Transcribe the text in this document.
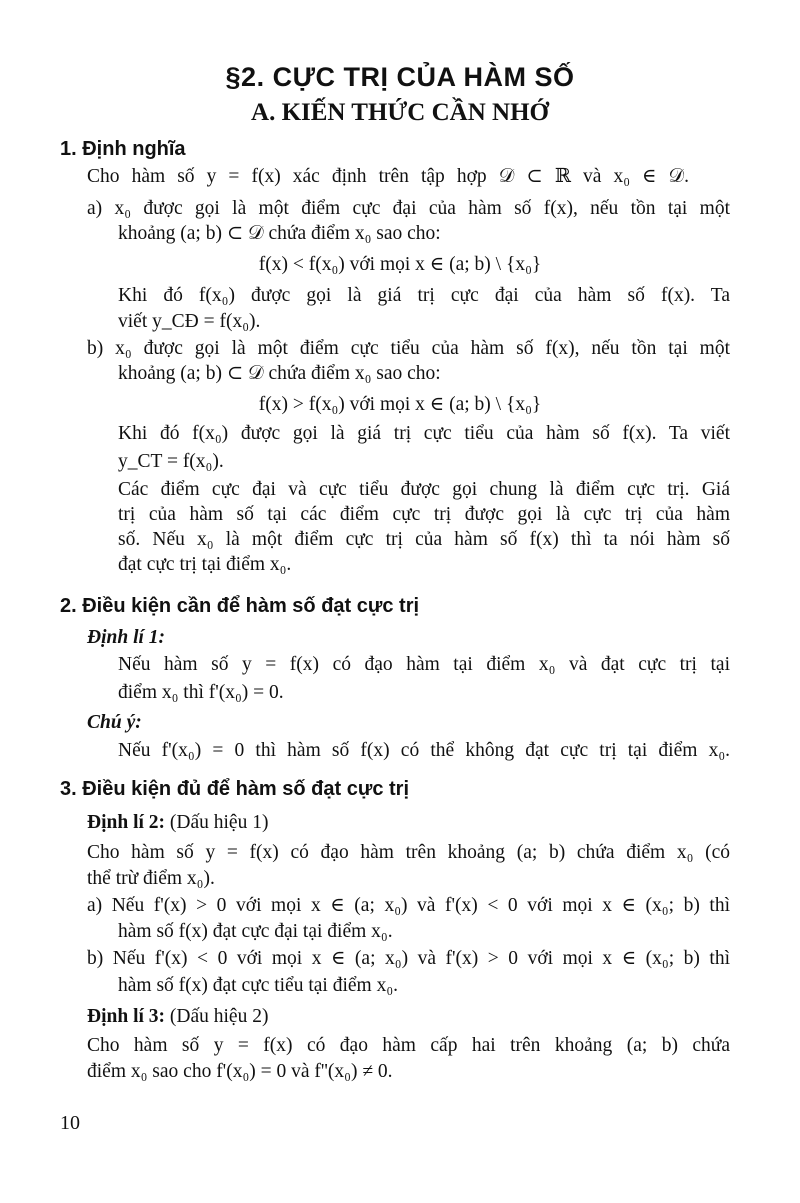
§2. CỰC TRỊ CỦA HÀM SỐ
A. KIẾN THỨC CẦN NHỚ
1. Định nghĩa
Cho hàm số y = f(x) xác định trên tập hợp 𝒟 ⊂ ℝ và x₀ ∈ 𝒟.
a) x₀ được gọi là một điểm cực đại của hàm số f(x), nếu tồn tại một
khoảng (a; b) ⊂ 𝒟 chứa điểm x₀ sao cho:
f(x) < f(x₀) với mọi x ∈ (a; b) \ {x₀}
Khi đó f(x₀) được gọi là giá trị cực đại của hàm số f(x). Ta
viết y_CĐ = f(x₀).
b) x₀ được gọi là một điểm cực tiểu của hàm số f(x), nếu tồn tại một
khoảng (a; b) ⊂ 𝒟 chứa điểm x₀ sao cho:
f(x) > f(x₀) với mọi x ∈ (a; b) \ {x₀}
Khi đó f(x₀) được gọi là giá trị cực tiểu của hàm số f(x). Ta viết
y_CT = f(x₀).
Các điểm cực đại và cực tiểu được gọi chung là điểm cực trị. Giá
trị của hàm số tại các điểm cực trị được gọi là cực trị của hàm
số. Nếu x₀ là một điểm cực trị của hàm số f(x) thì ta nói hàm số
đạt cực trị tại điểm x₀.
2. Điều kiện cần để hàm số đạt cực trị
Định lí 1:
Nếu hàm số y = f(x) có đạo hàm tại điểm x₀ và đạt cực trị tại
điểm x₀ thì f'(x₀) = 0.
Chú ý:
Nếu f'(x₀) = 0 thì hàm số f(x) có thể không đạt cực trị tại điểm x₀.
3. Điều kiện đủ để hàm số đạt cực trị
Định lí 2: (Dấu hiệu 1)
Cho hàm số y = f(x) có đạo hàm trên khoảng (a; b) chứa điểm x₀ (có
thể trừ điểm x₀).
a) Nếu f'(x) > 0 với mọi x ∈ (a; x₀) và f'(x) < 0 với mọi x ∈ (x₀; b) thì
hàm số f(x) đạt cực đại tại điểm x₀.
b) Nếu f'(x) < 0 với mọi x ∈ (a; x₀) và f'(x) > 0 với mọi x ∈ (x₀; b) thì
hàm số f(x) đạt cực tiểu tại điểm x₀.
Định lí 3: (Dấu hiệu 2)
Cho hàm số y = f(x) có đạo hàm cấp hai trên khoảng (a; b) chứa
điểm x₀ sao cho f'(x₀) = 0 và f''(x₀) ≠ 0.
10
